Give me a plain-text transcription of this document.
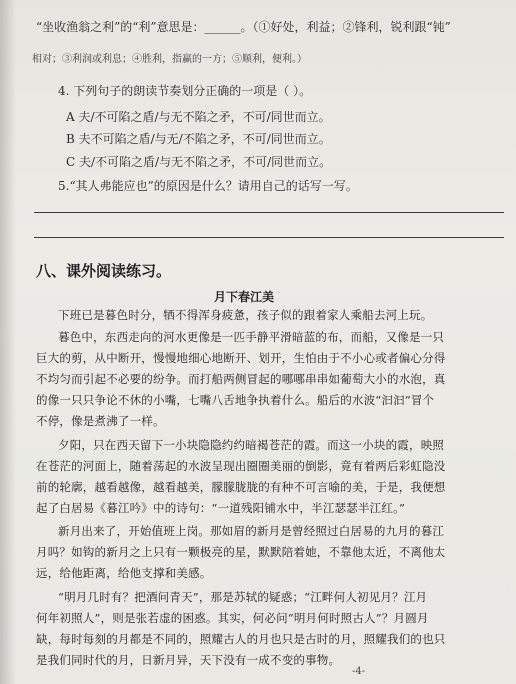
“坐收渔翁之利”的“利”意思是：______。（①好处，利益；②锋利，锐利跟“钝”
相对；③利润或利息；④胜利，指赢的一方；⑤顺利，便利。）
4. 下列句子的朗读节奏划分正确的一项是（ ）。
A 夫/不可陷之盾/与无不陷之矛，不可/同世而立。
B 夫不可陷之盾/与无/不陷之矛，不可/同世而立。
C 夫/不可陷之盾/与无不陷之矛，不可/同世而立。
5.“其人弗能应也”的原因是什么？请用自己的话写一写。
八、课外阅读练习。
月下春江美
下班已是暮色时分，牺不得浑身疲惫，孩子似的跟着家人乘船去河上玩。
暮色中，东西走向的河水更像是一匹手静平滑暗蓝的布，而船，又像是一只
巨大的剪，从中断开，慢慢地细心地断开、划开，生怕由于不小心或者偏心分得
不均匀而引起不必要的纷争。而打船两侧冒起的哪哪串串如葡萄大小的水泡，真
的像一只只争论不休的小嘴，七嘴八舌地争执着什么。船后的水波“汩汩”冒个
不停，像是煮沸了一样。
夕阳，只在西天留下一小块隐隐约约暗褐苍茫的霞。而这一小块的霞，映照
在苍茫的河面上，随着荡起的水波呈现出圈圈美丽的倒影，竟有着两后彩虹隐没
前的轮廓，越看越像，越看越美，朦朦胧胧的有种不可言喻的美，于是，我便想
起了白居易《暮江吟》中的诗句：“一道残阳铺水中，半江瑟瑟半江红。”
新月出来了，开始值班上岗。那如眉的新月是曾经照过白居易的九月的暮江
月吗？如钩的新月之上只有一颗极亮的星，默默陪着她，不靠他太近，不离他太
远，给他距离，给他支撑和美感。
“明月几时有？把酒问青天”，那是苏轼的疑惑；“江畔何人初见月？江月
何年初照人”，则是张若虚的困惑。其实，何必问“明月何时照古人”？月圆月
缺，每时每刻的月都是不同的，照耀古人的月也只是古时的月，照耀我们的也只
是我们同时代的月，日新月异，天下没有一成不变的事物。
-4-
